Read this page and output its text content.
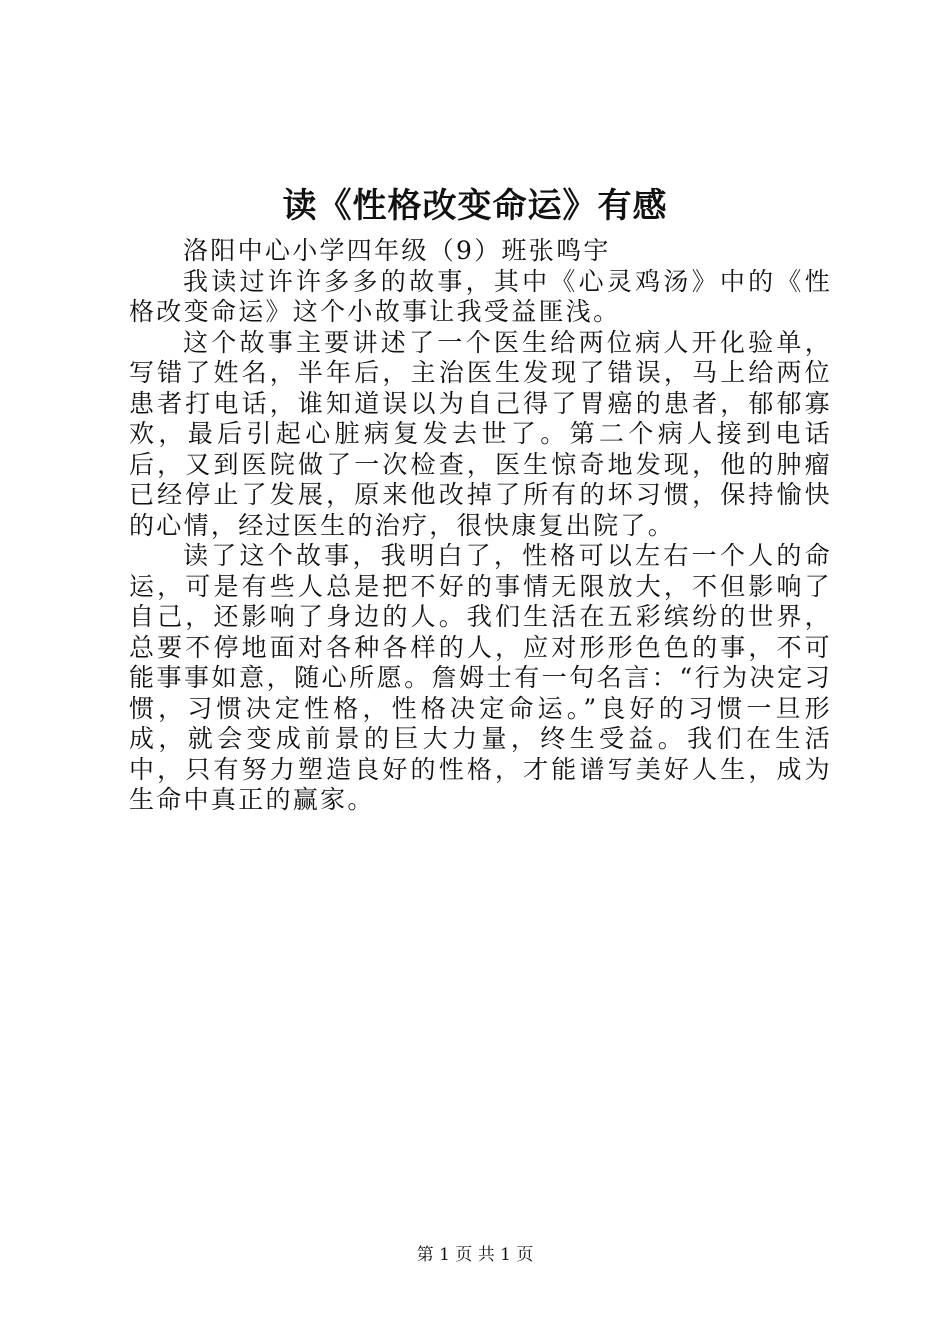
读《性格改变命运》有感
洛阳中心小学四年级（9）班张鸣宇

我读过许许多多的故事，其中《心灵鸡汤》中的《性格改变命运》这个小故事让我受益匪浅。

这个故事主要讲述了一个医生给两位病人开化验单，写错了姓名，半年后，主治医生发现了错误，马上给两位患者打电话，谁知道误以为自己得了胃癌的患者，郁郁寡欢，最后引起心脏病复发去世了。第二个病人接到电话后，又到医院做了一次检查，医生惊奇地发现，他的肿瘤已经停止了发展，原来他改掉了所有的坏习惯，保持愉快的心情，经过医生的治疗，很快康复出院了。

读了这个故事，我明白了，性格可以左右一个人的命运，可是有些人总是把不好的事情无限放大，不但影响了自己，还影响了身边的人。我们生活在五彩缤纷的世界，总要不停地面对各种各样的人，应对形形色色的事，不可能事事如意，随心所愿。詹姆士有一句名言：“行为决定习惯，习惯决定性格，性格决定命运。”良好的习惯一旦形成，就会变成前景的巨大力量，终生受益。我们在生活中，只有努力塑造良好的性格，才能谱写美好人生，成为生命中真正的赢家。

第 1 页 共 1 页
